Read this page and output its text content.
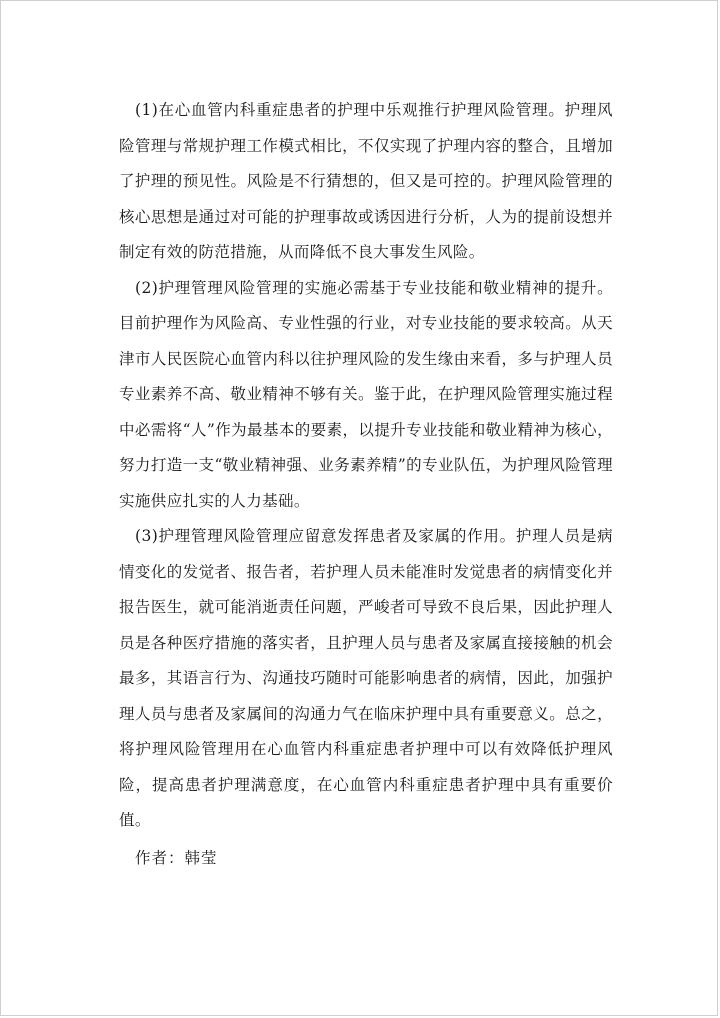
(1)在心血管内科重症患者的护理中乐观推行护理风险管理。护理风险管理与常规护理工作模式相比，不仅实现了护理内容的整合，且增加了护理的预见性。风险是不行猜想的，但又是可控的。护理风险管理的核心思想是通过对可能的护理事故或诱因进行分析，人为的提前设想并制定有效的防范措施，从而降低不良大事发生风险。

(2)护理管理风险管理的实施必需基于专业技能和敬业精神的提升。目前护理作为风险高、专业性强的行业，对专业技能的要求较高。从天津市人民医院心血管内科以往护理风险的发生缘由来看，多与护理人员专业素养不高、敬业精神不够有关。鉴于此，在护理风险管理实施过程中必需将“人”作为最基本的要素，以提升专业技能和敬业精神为核心，努力打造一支“敬业精神强、业务素养精”的专业队伍，为护理风险管理实施供应扎实的人力基础。

(3)护理管理风险管理应留意发挥患者及家属的作用。护理人员是病情变化的发觉者、报告者，若护理人员未能准时发觉患者的病情变化并报告医生，就可能消逝责任问题，严峻者可导致不良后果，因此护理人员是各种医疗措施的落实者，且护理人员与患者及家属直接接触的机会最多，其语言行为、沟通技巧随时可能影响患者的病情，因此，加强护理人员与患者及家属间的沟通力气在临床护理中具有重要意义。总之，将护理风险管理用在心血管内科重症患者护理中可以有效降低护理风险，提高患者护理满意度，在心血管内科重症患者护理中具有重要价值。

作者：韩莹
